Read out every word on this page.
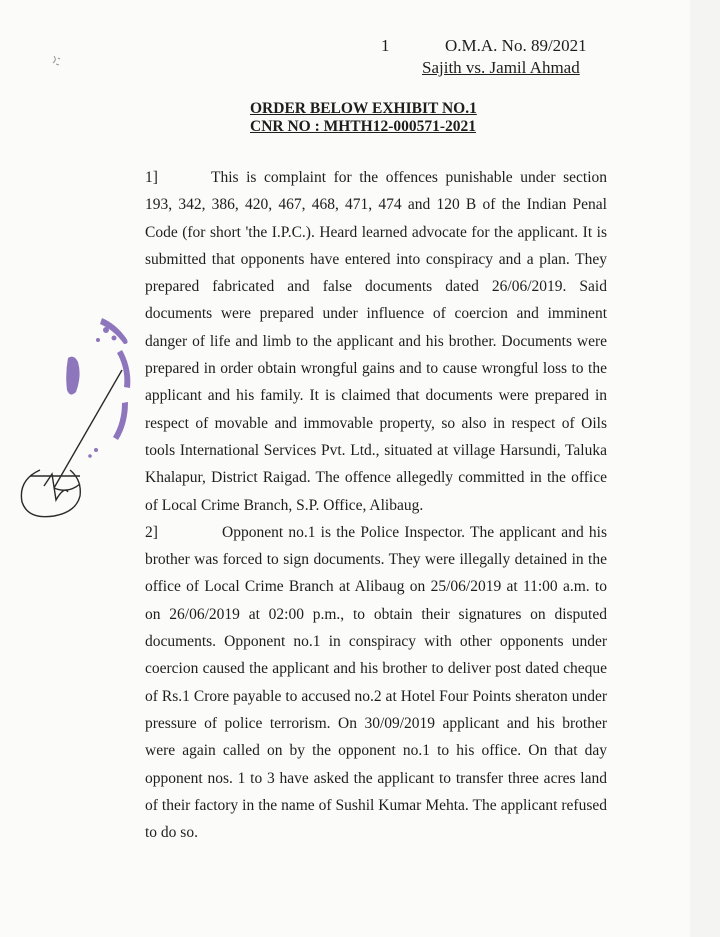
1	O.M.A. No. 89/2021
Sajith vs. Jamil Ahmad
ORDER BELOW EXHIBIT NO.1
CNR NO : MHTH12-000571-2021

1]	This is complaint for the offences punishable under section 193, 342, 386, 420, 467, 468, 471, 474 and 120 B of the Indian Penal Code (for short 'the I.P.C.). Heard learned advocate for the applicant. It is submitted that opponents have entered into conspiracy and a plan. They prepared fabricated and false documents dated 26/06/2019. Said documents were prepared under influence of coercion and imminent danger of life and limb to the applicant and his brother. Documents were prepared in order obtain wrongful gains and to cause wrongful loss to the applicant and his family. It is claimed that documents were prepared in respect of movable and immovable property, so also in respect of Oils tools International Services Pvt. Ltd., situated at village Harsundi, Taluka Khalapur, District Raigad. The offence allegedly committed in the office of Local Crime Branch, S.P. Office, Alibaug.

2]	Opponent no.1 is the Police Inspector. The applicant and his brother was forced to sign documents. They were illegally detained in the office of Local Crime Branch at Alibaug on 25/06/2019 at 11:00 a.m. to on 26/06/2019 at 02:00 p.m., to obtain their signatures on disputed documents. Opponent no.1 in conspiracy with other opponents under coercion caused the applicant and his brother to deliver post dated cheque of Rs.1 Crore payable to accused no.2 at Hotel Four Points sheraton under pressure of police terrorism. On 30/09/2019 applicant and his brother were again called on by the opponent no.1 to his office. On that day opponent nos. 1 to 3 have asked the applicant to transfer three acres land of their factory in the name of Sushil Kumar Mehta. The applicant refused to do so.
